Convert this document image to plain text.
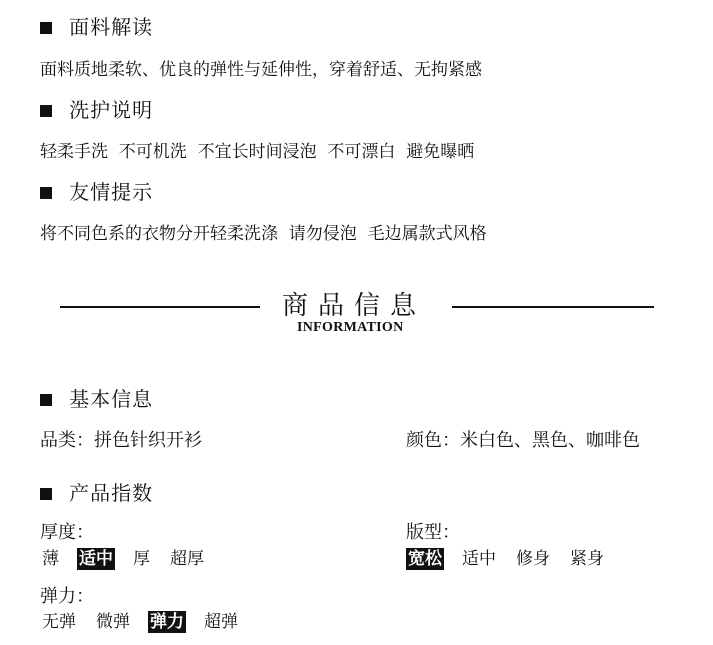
面料解读
面料质地柔软、优良的弹性与延伸性，穿着舒适、无拘紧感
洗护说明
轻柔手洗  不可机洗  不宜长时间浸泡  不可漂白  避免曝晒
友情提示
将不同色系的衣物分开轻柔洗涤  请勿侵泡  毛边属款式风格
商品信息
INFORMATION
基本信息
品类：拼色针织开衫	颜色：米白色、黑色、咖啡色
产品指数
厚度：
薄 适中 厚 超厚
版型：
宽松 适中 修身 紧身
弹力：
无弹 微弹 弹力 超弹
